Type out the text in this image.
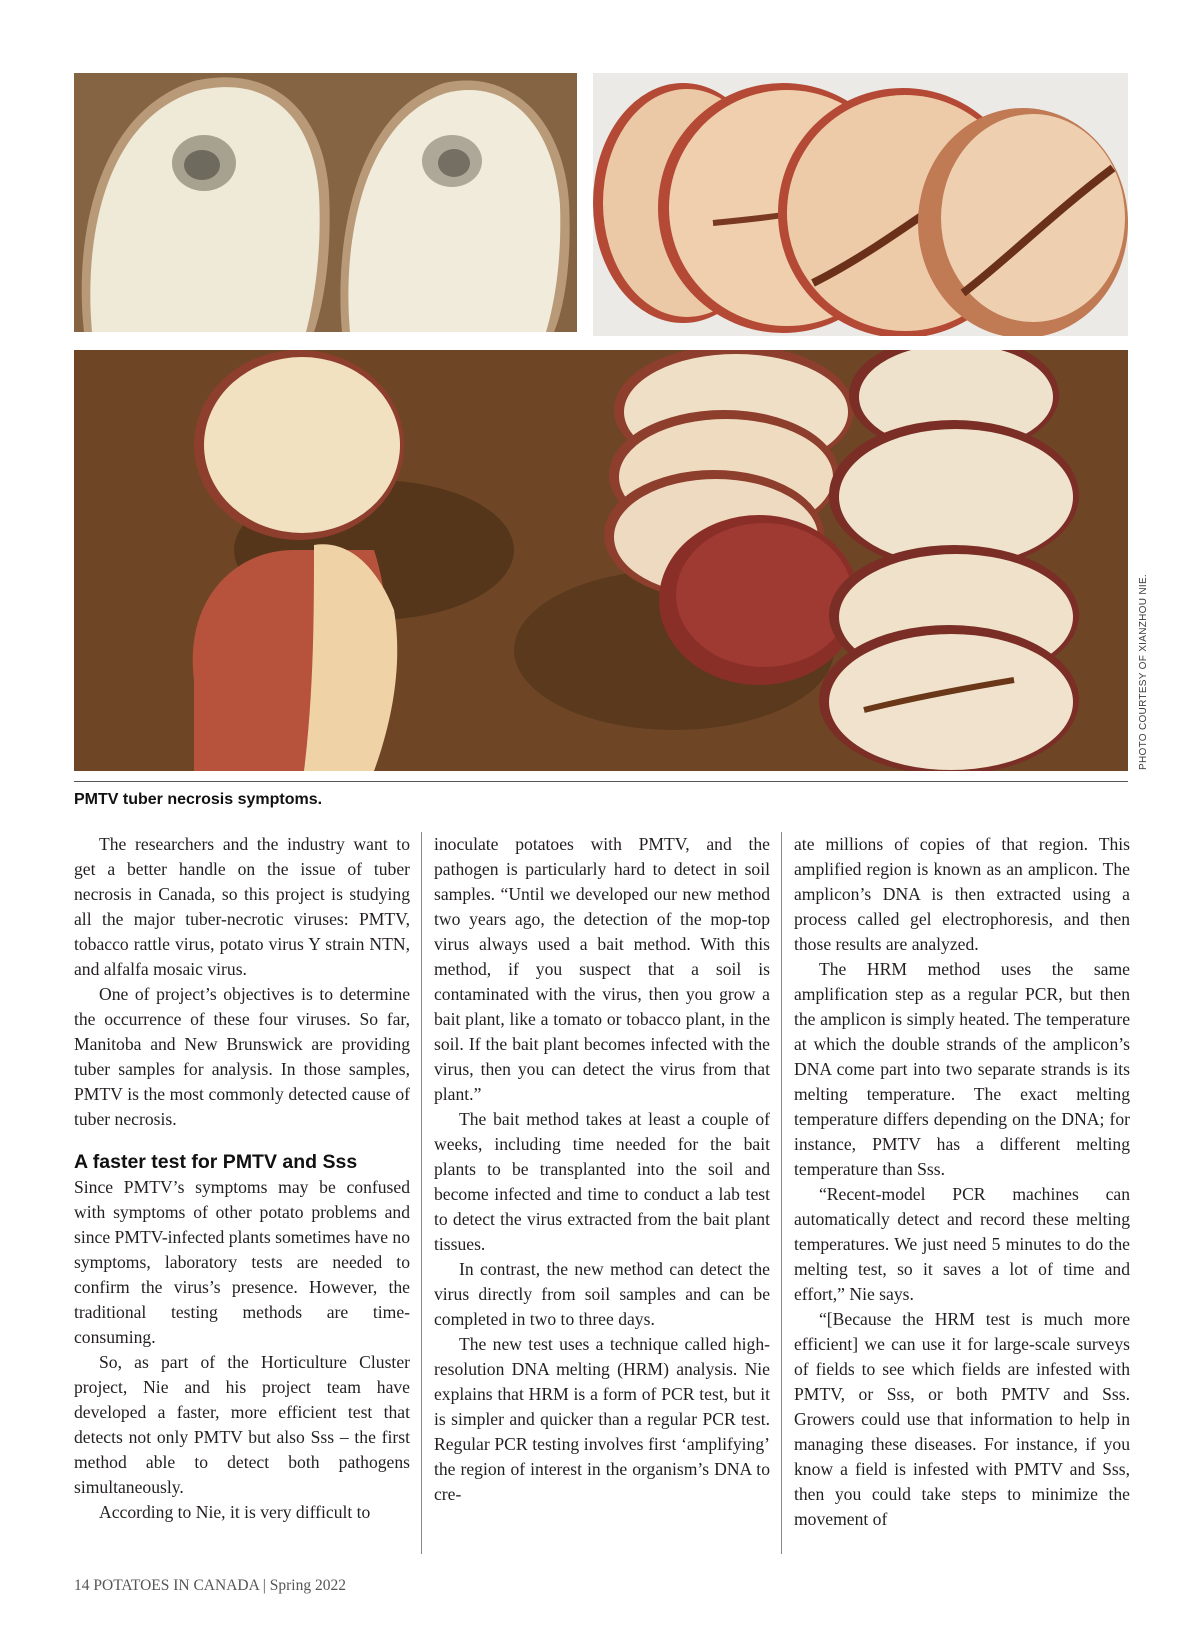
PHOTO COURTESY OF XIANZHOU NIE.
PMTV tuber necrosis symptoms.

The researchers and the industry want to get a better handle on the issue of tuber necrosis in Canada, so this project is studying all the major tuber-necrotic viruses: PMTV, tobacco rattle virus, potato virus Y strain NTN, and alfalfa mosaic virus.

One of project’s objectives is to determine the occurrence of these four viruses. So far, Manitoba and New Brunswick are providing tuber samples for analysis. In those samples, PMTV is the most commonly detected cause of tuber necrosis.

A faster test for PMTV and Sss

Since PMTV’s symptoms may be confused with symptoms of other potato problems and since PMTV-infected plants sometimes have no symptoms, laboratory tests are needed to confirm the virus’s presence. However, the traditional testing methods are time-consuming.

So, as part of the Horticulture Cluster project, Nie and his project team have developed a faster, more efficient test that detects not only PMTV but also Sss – the first method able to detect both pathogens simultaneously.

According to Nie, it is very difficult to

inoculate potatoes with PMTV, and the pathogen is particularly hard to detect in soil samples. “Until we developed our new method two years ago, the detection of the mop-top virus always used a bait method. With this method, if you suspect that a soil is contaminated with the virus, then you grow a bait plant, like a tomato or tobacco plant, in the soil. If the bait plant becomes infected with the virus, then you can detect the virus from that plant.”

The bait method takes at least a couple of weeks, including time needed for the bait plants to be transplanted into the soil and become infected and time to conduct a lab test to detect the virus extracted from the bait plant tissues.

In contrast, the new method can detect the virus directly from soil samples and can be completed in two to three days.

The new test uses a technique called high-resolution DNA melting (HRM) analysis. Nie explains that HRM is a form of PCR test, but it is simpler and quicker than a regular PCR test. Regular PCR testing involves first ‘amplifying’ the region of interest in the organism’s DNA to cre-

ate millions of copies of that region. This amplified region is known as an amplicon. The amplicon’s DNA is then extracted using a process called gel electrophoresis, and then those results are analyzed.

The HRM method uses the same amplification step as a regular PCR, but then the amplicon is simply heated. The temperature at which the double strands of the amplicon’s DNA come part into two separate strands is its melting temperature. The exact melting temperature differs depending on the DNA; for instance, PMTV has a different melting temperature than Sss.

“Recent-model PCR machines can automatically detect and record these melting temperatures. We just need 5 minutes to do the melting test, so it saves a lot of time and effort,” Nie says.

“[Because the HRM test is much more efficient] we can use it for large-scale surveys of fields to see which fields are infested with PMTV, or Sss, or both PMTV and Sss. Growers could use that information to help in managing these diseases. For instance, if you know a field is infested with PMTV and Sss, then you could take steps to minimize the movement of

14 POTATOES IN CANADA | Spring 2022
